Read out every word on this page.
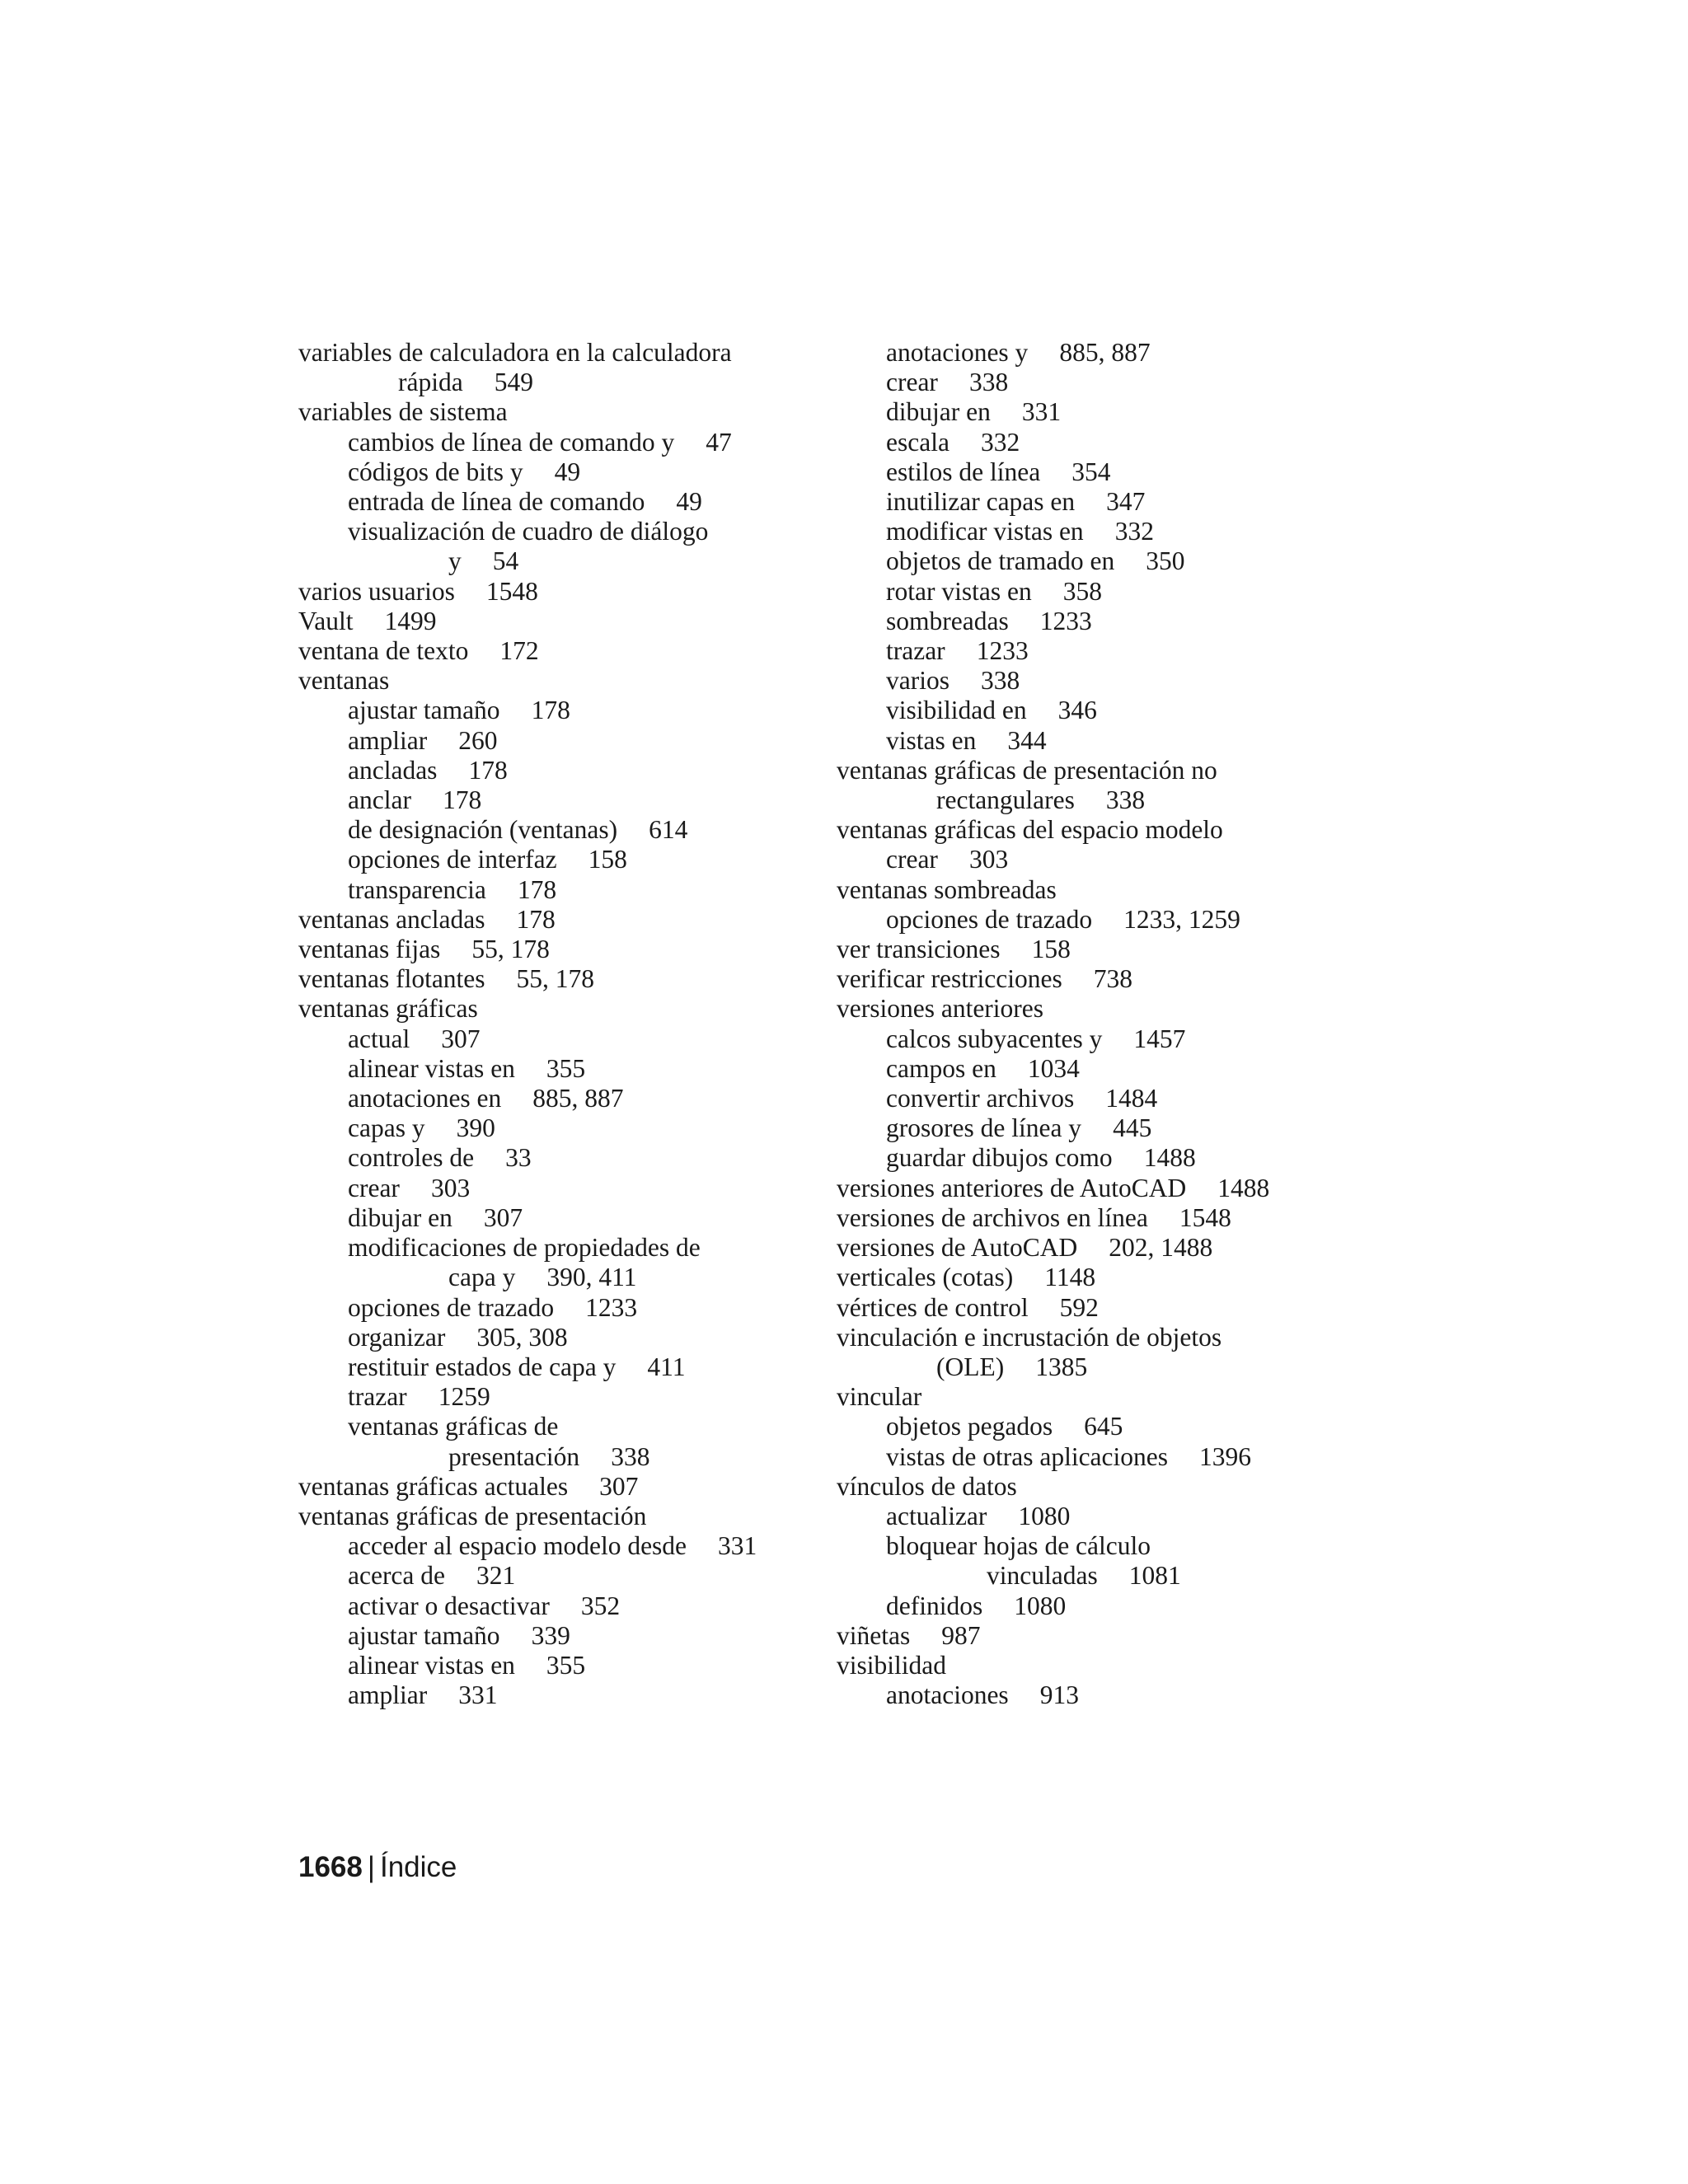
variables de calculadora en la calculadora
rápida 549
variables de sistema
cambios de línea de comando y 47
códigos de bits y 49
entrada de línea de comando 49
visualización de cuadro de diálogo
y 54
varios usuarios 1548
Vault 1499
ventana de texto 172
ventanas
ajustar tamaño 178
ampliar 260
ancladas 178
anclar 178
de designación (ventanas) 614
opciones de interfaz 158
transparencia 178
ventanas ancladas 178
ventanas fijas 55, 178
ventanas flotantes 55, 178
ventanas gráficas
actual 307
alinear vistas en 355
anotaciones en 885, 887
capas y 390
controles de 33
crear 303
dibujar en 307
modificaciones de propiedades de
capa y 390, 411
opciones de trazado 1233
organizar 305, 308
restituir estados de capa y 411
trazar 1259
ventanas gráficas de
presentación 338
ventanas gráficas actuales 307
ventanas gráficas de presentación
acceder al espacio modelo desde 331
acerca de 321
activar o desactivar 352
ajustar tamaño 339
alinear vistas en 355
ampliar 331
anotaciones y 885, 887
crear 338
dibujar en 331
escala 332
estilos de línea 354
inutilizar capas en 347
modificar vistas en 332
objetos de tramado en 350
rotar vistas en 358
sombreadas 1233
trazar 1233
varios 338
visibilidad en 346
vistas en 344
ventanas gráficas de presentación no
rectangulares 338
ventanas gráficas del espacio modelo
crear 303
ventanas sombreadas
opciones de trazado 1233, 1259
ver transiciones 158
verificar restricciones 738
versiones anteriores
calcos subyacentes y 1457
campos en 1034
convertir archivos 1484
grosores de línea y 445
guardar dibujos como 1488
versiones anteriores de AutoCAD 1488
versiones de archivos en línea 1548
versiones de AutoCAD 202, 1488
verticales (cotas) 1148
vértices de control 592
vinculación e incrustación de objetos
(OLE) 1385
vincular
objetos pegados 645
vistas de otras aplicaciones 1396
vínculos de datos
actualizar 1080
bloquear hojas de cálculo
vinculadas 1081
definidos 1080
viñetas 987
visibilidad
anotaciones 913
1668 | Índice
